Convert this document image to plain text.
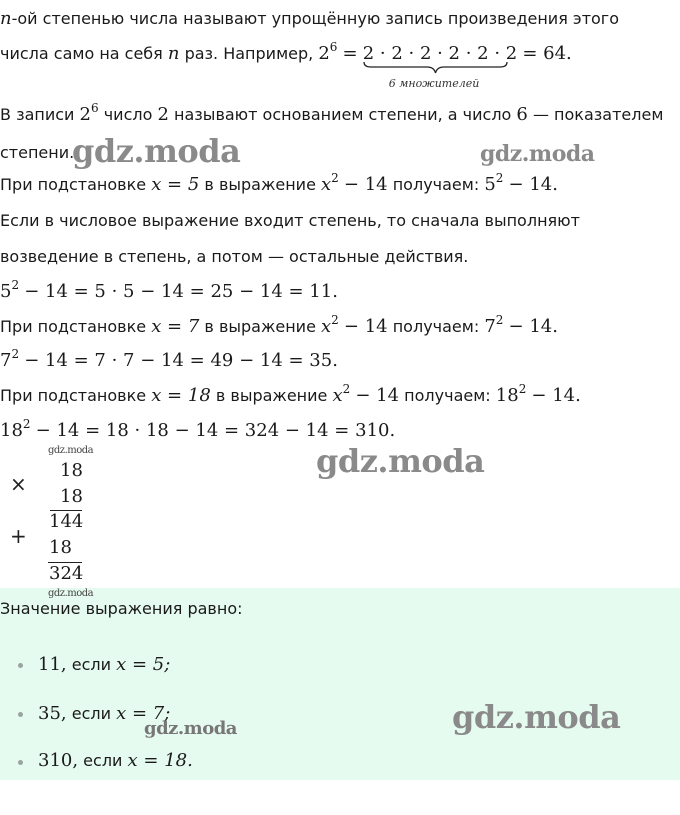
n-ой степенью числа называют упрощённую запись произведения этого
числа само на себя n раз. Например, $2^6 = 2 \cdot 2 \cdot 2 \cdot 2 \cdot 2 \cdot 2$
6 множителей
= 64.
В записи $2^6$ число 2 называют основанием степени, а число 6 — показателем
степени.
При подстановке x = 5 в выражение $x^2 - 14$ получаем: $5^2 - 14$.
Если в числовое выражение входит степень, то сначала выполняют
возведение в степень, а потом — остальные действия.
$5^2 - 14 = 5 \cdot 5 - 14 = 25 - 14 = 11$.
При подстановке x = 7 в выражение $x^2 - 14$ получаем: $7^2 - 14$.
$7^2 - 14 = 7 \cdot 7 - 14 = 49 - 14 = 35$.
При подстановке x = 18 в выражение $x^2 - 14$ получаем: $18^2 - 14$.
$18^2 - 14 = 18 \cdot 18 - 14 = 324 - 14 = 310$.
×
18
18
144
+ 18
324
Значение выражения равно:
11, если x = 5;
35, если x = 7;
310, если x = 18.
gdz.moda	gdz.moda
gdz.moda	gdz.moda
gdz.moda
gdz.moda
gdz.moda
